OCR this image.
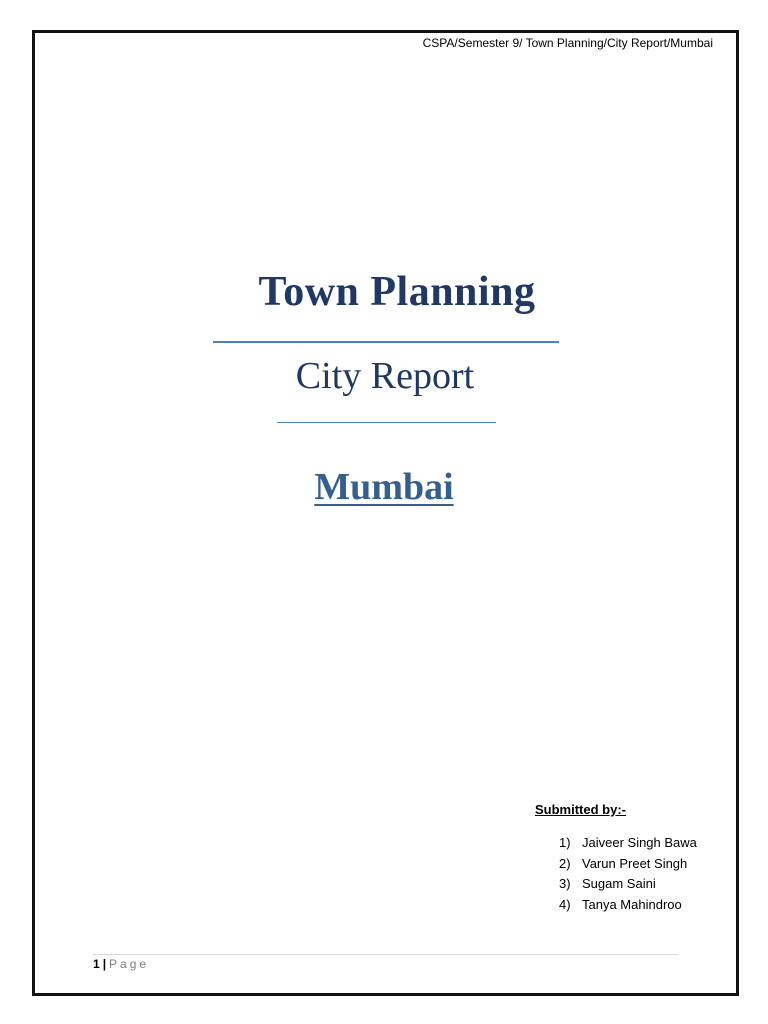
CSPA/Semester 9/ Town Planning/City Report/Mumbai
Town Planning
City Report
Mumbai
Submitted by:-
1) Jaiveer Singh Bawa
2) Varun Preet Singh
3) Sugam Saini
4) Tanya Mahindroo
1 | Page
